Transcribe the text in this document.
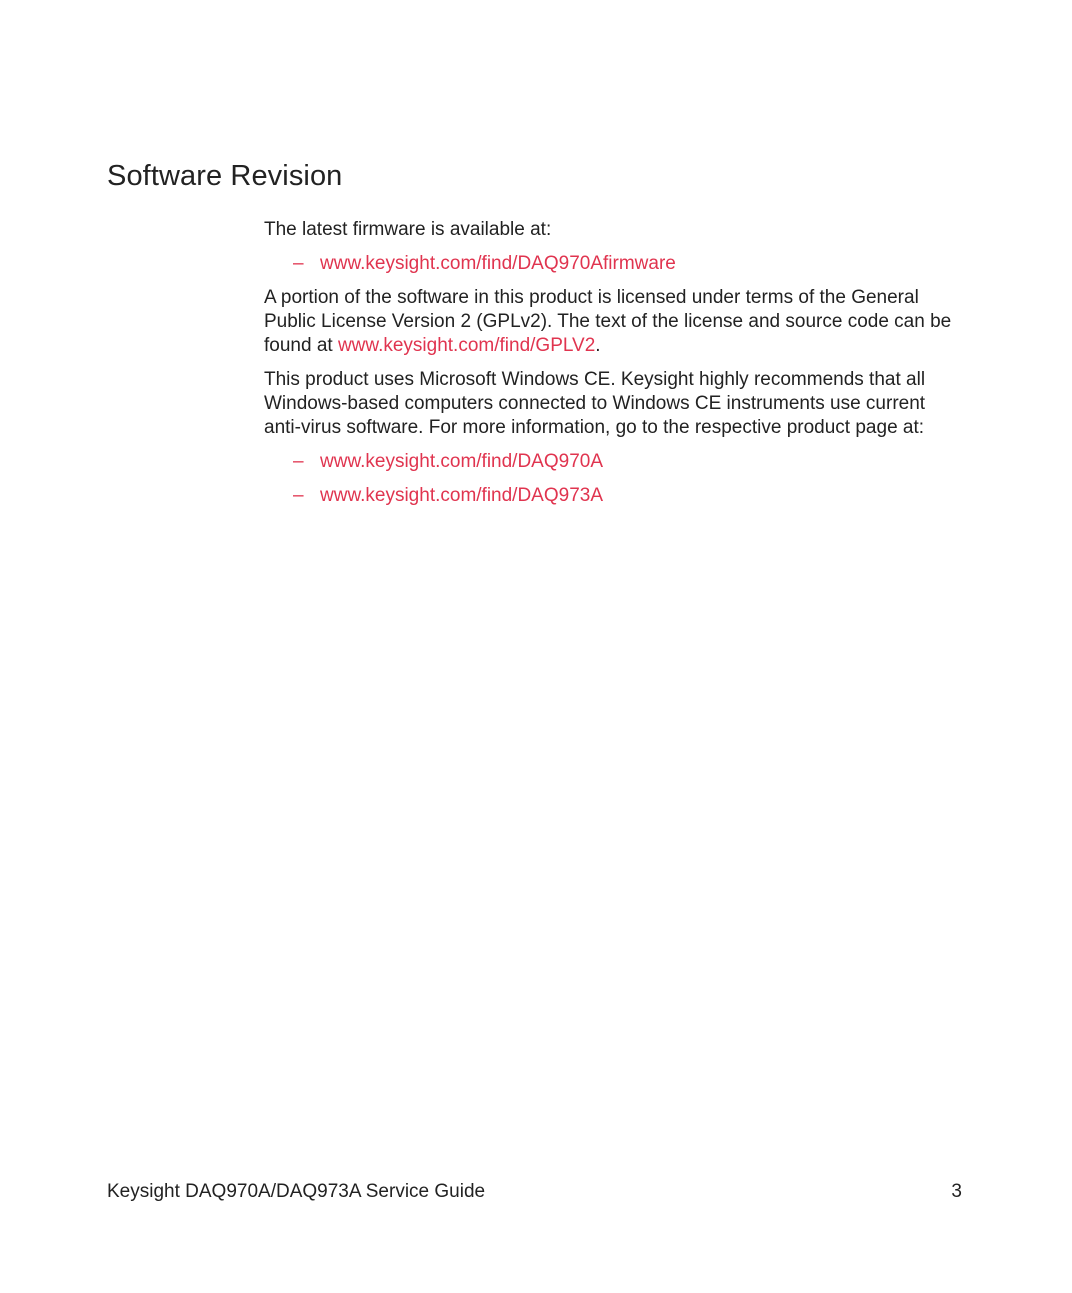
Software Revision

The latest firmware is available at:

– www.keysight.com/find/DAQ970Afirmware

A portion of the software in this product is licensed under terms of the General Public License Version 2 (GPLv2). The text of the license and source code can be found at www.keysight.com/find/GPLV2.

This product uses Microsoft Windows CE. Keysight highly recommends that all Windows-based computers connected to Windows CE instruments use current anti-virus software. For more information, go to the respective product page at:

– www.keysight.com/find/DAQ970A
– www.keysight.com/find/DAQ973A
Keysight DAQ970A/DAQ973A Service Guide	3
